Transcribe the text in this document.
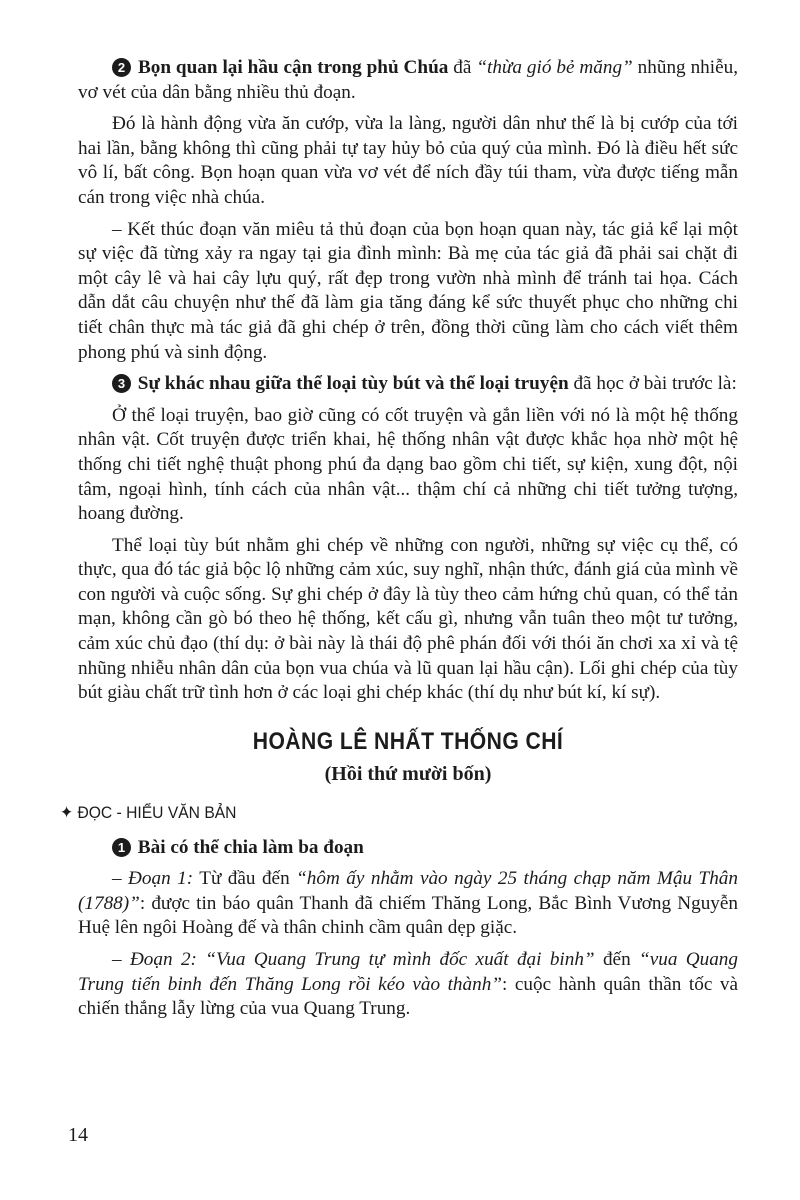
2 Bọn quan lại hầu cận trong phủ Chúa đã “thừa gió bẻ măng” nhũng nhiễu, vơ vét của dân bằng nhiều thủ đoạn.

Đó là hành động vừa ăn cướp, vừa la làng, người dân như thế là bị cướp của tới hai lần, bằng không thì cũng phải tự tay hủy bỏ của quý của mình. Đó là điều hết sức vô lí, bất công. Bọn hoạn quan vừa vơ vét để ních đầy túi tham, vừa được tiếng mẫn cán trong việc nhà chúa.

– Kết thúc đoạn văn miêu tả thủ đoạn của bọn hoạn quan này, tác giả kể lại một sự việc đã từng xảy ra ngay tại gia đình mình: Bà mẹ của tác giả đã phải sai chặt đi một cây lê và hai cây lựu quý, rất đẹp trong vườn nhà mình để tránh tai họa. Cách dẫn dắt câu chuyện như thế đã làm gia tăng đáng kể sức thuyết phục cho những chi tiết chân thực mà tác giả đã ghi chép ở trên, đồng thời cũng làm cho cách viết thêm phong phú và sinh động.

3 Sự khác nhau giữa thể loại tùy bút và thể loại truyện đã học ở bài trước là:

Ở thể loại truyện, bao giờ cũng có cốt truyện và gắn liền với nó là một hệ thống nhân vật. Cốt truyện được triển khai, hệ thống nhân vật được khắc họa nhờ một hệ thống chi tiết nghệ thuật phong phú đa dạng bao gồm chi tiết, sự kiện, xung đột, nội tâm, ngoại hình, tính cách của nhân vật... thậm chí cả những chi tiết tưởng tượng, hoang đường.

Thể loại tùy bút nhằm ghi chép về những con người, những sự việc cụ thể, có thực, qua đó tác giả bộc lộ những cảm xúc, suy nghĩ, nhận thức, đánh giá của mình về con người và cuộc sống. Sự ghi chép ở đây là tùy theo cảm hứng chủ quan, có thể tản mạn, không cần gò bó theo hệ thống, kết cấu gì, nhưng vẫn tuân theo một tư tưởng, cảm xúc chủ đạo (thí dụ: ở bài này là thái độ phê phán đối với thói ăn chơi xa xỉ và tệ nhũng nhiễu nhân dân của bọn vua chúa và lũ quan lại hầu cận). Lối ghi chép của tùy bút giàu chất trữ tình hơn ở các loại ghi chép khác (thí dụ như bút kí, kí sự).

HOÀNG LÊ NHẤT THỐNG CHÍ
(Hồi thứ mười bốn)
✦ ĐỌC - HIỂU VĂN BẢN

1 Bài có thể chia làm ba đoạn

– Đoạn 1: Từ đầu đến “hôm ấy nhằm vào ngày 25 tháng chạp năm Mậu Thân (1788)”: được tin báo quân Thanh đã chiếm Thăng Long, Bắc Bình Vương Nguyễn Huệ lên ngôi Hoàng đế và thân chinh cầm quân dẹp giặc.

– Đoạn 2: “Vua Quang Trung tự mình đốc xuất đại binh” đến “vua Quang Trung tiến binh đến Thăng Long rồi kéo vào thành”: cuộc hành quân thần tốc và chiến thắng lẫy lừng của vua Quang Trung.

14
